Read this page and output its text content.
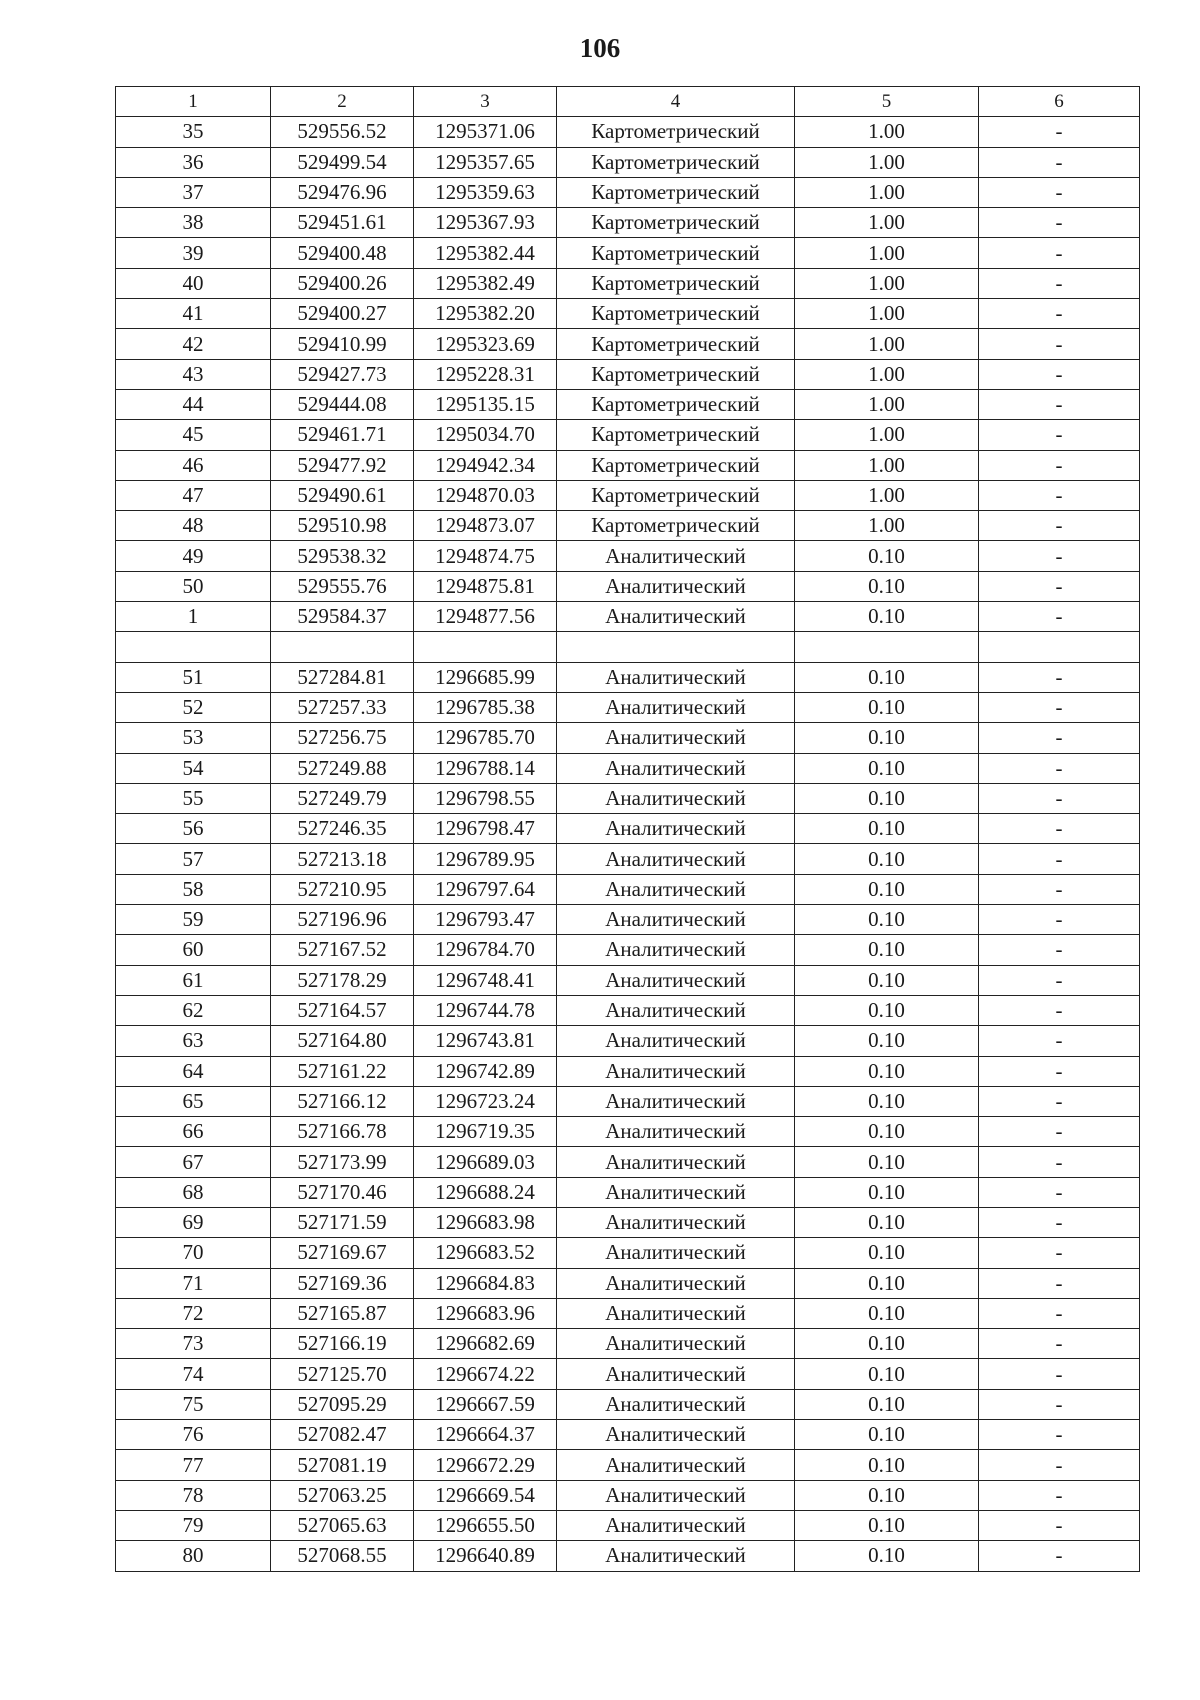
106
1	2	3	4	5	6
35	529556.52	1295371.06	Картометрический	1.00	-
36	529499.54	1295357.65	Картометрический	1.00	-
37	529476.96	1295359.63	Картометрический	1.00	-
38	529451.61	1295367.93	Картометрический	1.00	-
39	529400.48	1295382.44	Картометрический	1.00	-
40	529400.26	1295382.49	Картометрический	1.00	-
41	529400.27	1295382.20	Картометрический	1.00	-
42	529410.99	1295323.69	Картометрический	1.00	-
43	529427.73	1295228.31	Картометрический	1.00	-
44	529444.08	1295135.15	Картометрический	1.00	-
45	529461.71	1295034.70	Картометрический	1.00	-
46	529477.92	1294942.34	Картометрический	1.00	-
47	529490.61	1294870.03	Картометрический	1.00	-
48	529510.98	1294873.07	Картометрический	1.00	-
49	529538.32	1294874.75	Аналитический	0.10	-
50	529555.76	1294875.81	Аналитический	0.10	-
1	529584.37	1294877.56	Аналитический	0.10	-

51	527284.81	1296685.99	Аналитический	0.10	-
52	527257.33	1296785.38	Аналитический	0.10	-
53	527256.75	1296785.70	Аналитический	0.10	-
54	527249.88	1296788.14	Аналитический	0.10	-
55	527249.79	1296798.55	Аналитический	0.10	-
56	527246.35	1296798.47	Аналитический	0.10	-
57	527213.18	1296789.95	Аналитический	0.10	-
58	527210.95	1296797.64	Аналитический	0.10	-
59	527196.96	1296793.47	Аналитический	0.10	-
60	527167.52	1296784.70	Аналитический	0.10	-
61	527178.29	1296748.41	Аналитический	0.10	-
62	527164.57	1296744.78	Аналитический	0.10	-
63	527164.80	1296743.81	Аналитический	0.10	-
64	527161.22	1296742.89	Аналитический	0.10	-
65	527166.12	1296723.24	Аналитический	0.10	-
66	527166.78	1296719.35	Аналитический	0.10	-
67	527173.99	1296689.03	Аналитический	0.10	-
68	527170.46	1296688.24	Аналитический	0.10	-
69	527171.59	1296683.98	Аналитический	0.10	-
70	527169.67	1296683.52	Аналитический	0.10	-
71	527169.36	1296684.83	Аналитический	0.10	-
72	527165.87	1296683.96	Аналитический	0.10	-
73	527166.19	1296682.69	Аналитический	0.10	-
74	527125.70	1296674.22	Аналитический	0.10	-
75	527095.29	1296667.59	Аналитический	0.10	-
76	527082.47	1296664.37	Аналитический	0.10	-
77	527081.19	1296672.29	Аналитический	0.10	-
78	527063.25	1296669.54	Аналитический	0.10	-
79	527065.63	1296655.50	Аналитический	0.10	-
80	527068.55	1296640.89	Аналитический	0.10	-
